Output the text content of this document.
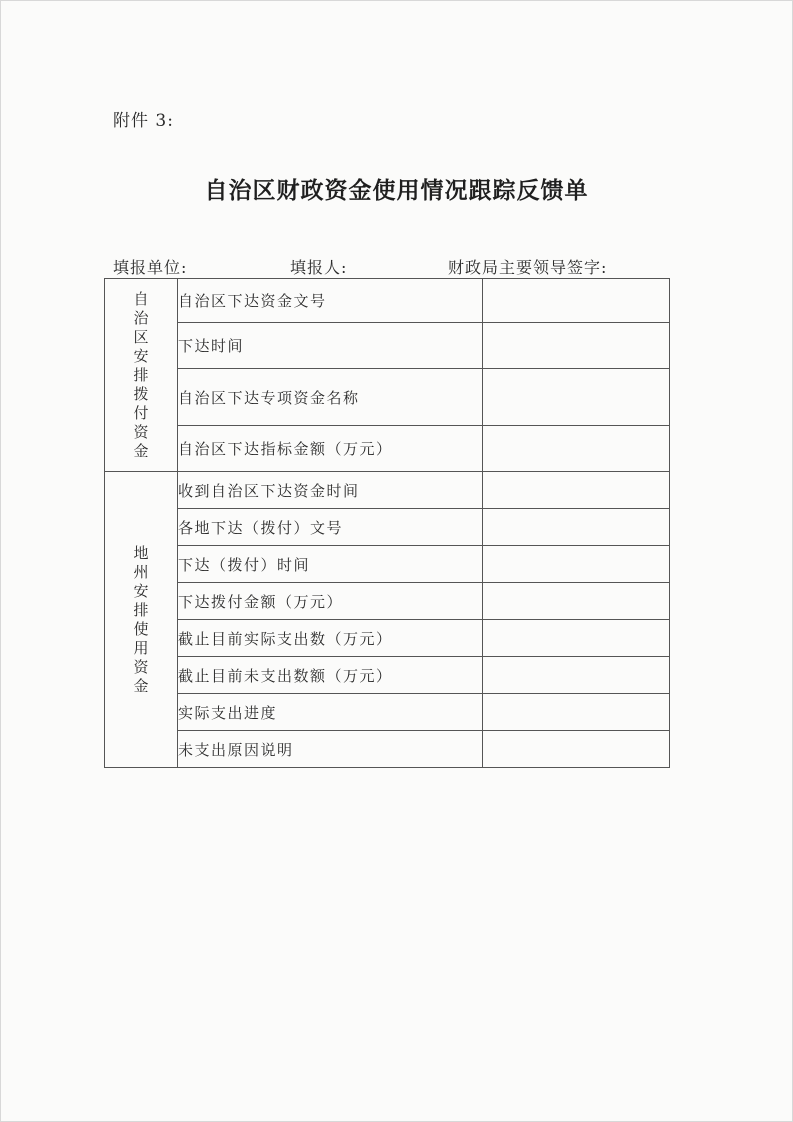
附件 3:
自治区财政资金使用情况跟踪反馈单
填报单位:	填报人:	财政局主要领导签字:
自治区安排拨付资金	自治区下达资金文号	
	下达时间	
	自治区下达专项资金名称	
	自治区下达指标金额（万元）	
地州安排使用资金	收到自治区下达资金时间	
	各地下达（拨付）文号	
	下达（拨付）时间	
	下达拨付金额（万元）	
	截止目前实际支出数（万元）	
	截止目前未支出数额（万元）	
	实际支出进度	
	未支出原因说明	
